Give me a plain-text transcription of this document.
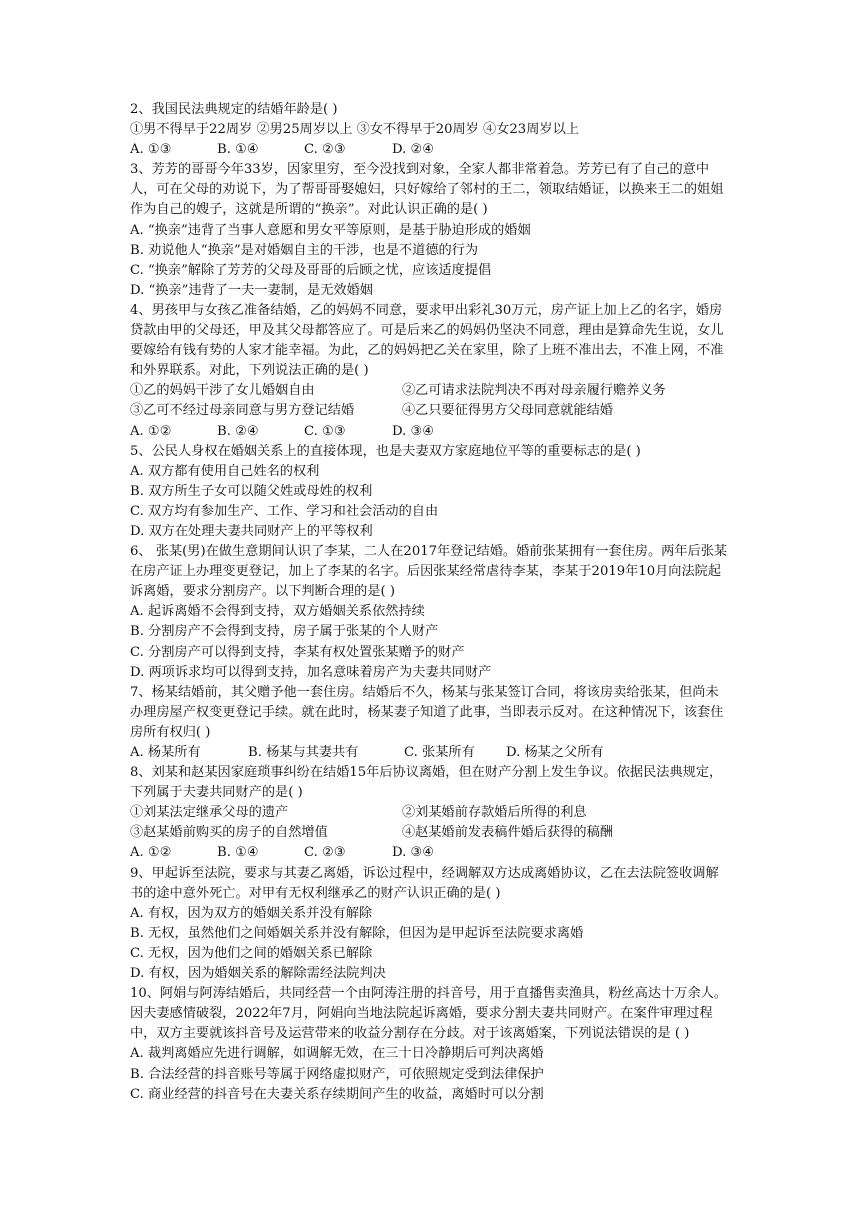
2、我国民法典规定的结婚年龄是( )
①男不得早于22周岁 ②男25周岁以上 ③女不得早于20周岁 ④女23周岁以上
A. ①③	B. ①④	C. ②③	D. ②④
3、芳芳的哥哥今年33岁，因家里穷，至今没找到对象，全家人都非常着急。芳芳已有了自己的意中人，可在父母的劝说下，为了帮哥哥娶媳妇，只好嫁给了邻村的王二，领取结婚证，以换来王二的姐姐作为自己的嫂子，这就是所谓的“换亲”。对此认识正确的是( )
A. “换亲”违背了当事人意愿和男女平等原则，是基于胁迫形成的婚姻
B. 劝说他人“换亲”是对婚姻自主的干涉，也是不道德的行为
C. “换亲”解除了芳芳的父母及哥哥的后顾之忧，应该适度提倡
D. “换亲”违背了一夫一妻制，是无效婚姻
4、男孩甲与女孩乙准备结婚，乙的妈妈不同意，要求甲出彩礼30万元，房产证上加上乙的名字，婚房贷款由甲的父母还，甲及其父母都答应了。可是后来乙的妈妈仍坚决不同意，理由是算命先生说，女儿要嫁给有钱有势的人家才能幸福。为此，乙的妈妈把乙关在家里，除了上班不准出去，不准上网，不准和外界联系。对此，下列说法正确的是( )
①乙的妈妈干涉了女儿婚姻自由	②乙可请求法院判决不再对母亲履行赡养义务
③乙可不经过母亲同意与男方登记结婚	④乙只要征得男方父母同意就能结婚
A. ①②	B. ②④	C. ①③	D. ③④
5、公民人身权在婚姻关系上的直接体现，也是夫妻双方家庭地位平等的重要标志的是( )
A. 双方都有使用自己姓名的权利
B. 双方所生子女可以随父姓或母姓的权利
C. 双方均有参加生产、工作、学习和社会活动的自由
D. 双方在处理夫妻共同财产上的平等权利
6、 张某(男)在做生意期间认识了李某，二人在2017年登记结婚。婚前张某拥有一套住房。两年后张某在房产证上办理变更登记，加上了李某的名字。后因张某经常虐待李某，李某于2019年10月向法院起诉离婚，要求分割房产。以下判断合理的是( )
A. 起诉离婚不会得到支持，双方婚姻关系依然持续
B. 分割房产不会得到支持，房子属于张某的个人财产
C. 分割房产可以得到支持，李某有权处置张某赠予的财产
D. 两项诉求均可以得到支持，加名意味着房产为夫妻共同财产
7、杨某结婚前，其父赠予他一套住房。结婚后不久，杨某与张某签订合同，将该房卖给张某，但尚未办理房屋产权变更登记手续。就在此时，杨某妻子知道了此事，当即表示反对。在这种情况下，该套住房所有权归( )
A. 杨某所有	B. 杨某与其妻共有	C. 张某所有	D. 杨某之父所有
8、刘某和赵某因家庭琐事纠纷在结婚15年后协议离婚，但在财产分割上发生争议。依据民法典规定，下列属于夫妻共同财产的是( )
①刘某法定继承父母的遗产	②刘某婚前存款婚后所得的利息
③赵某婚前购买的房子的自然增值	④赵某婚前发表稿件婚后获得的稿酬
A. ①②	B. ①④	C. ②③	D. ③④
9、甲起诉至法院，要求与其妻乙离婚，诉讼过程中，经调解双方达成离婚协议，乙在去法院签收调解书的途中意外死亡。对甲有无权利继承乙的财产认识正确的是( )
A. 有权，因为双方的婚姻关系并没有解除
B. 无权，虽然他们之间婚姻关系并没有解除，但因为是甲起诉至法院要求离婚
C. 无权，因为他们之间的婚姻关系已解除
D. 有权，因为婚姻关系的解除需经法院判决
10、阿娟与阿涛结婚后，共同经营一个由阿涛注册的抖音号，用于直播售卖渔具，粉丝高达十万余人。因夫妻感情破裂，2022年7月，阿娟向当地法院起诉离婚，要求分割夫妻共同财产。在案件审理过程中，双方主要就该抖音号及运营带来的收益分割存在分歧。对于该离婚案，下列说法错误的是 ( )
A. 裁判离婚应先进行调解，如调解无效，在三十日冷静期后可判决离婚
B. 合法经营的抖音账号等属于网络虚拟财产，可依照规定受到法律保护
C. 商业经营的抖音号在夫妻关系存续期间产生的收益，离婚时可以分割
